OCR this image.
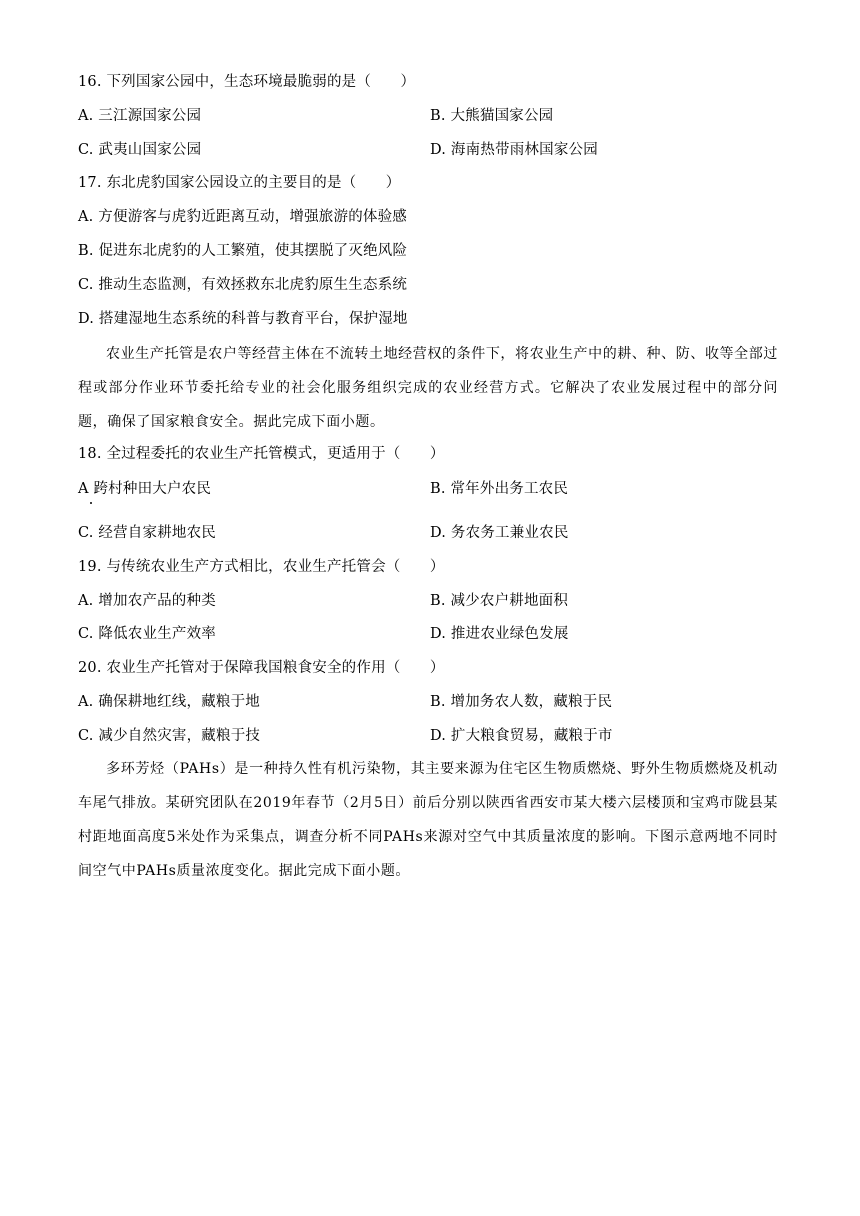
16. 下列国家公园中，生态环境最脆弱的是（　　）
A. 三江源国家公园	B. 大熊猫国家公园
C. 武夷山国家公园	D. 海南热带雨林国家公园
17. 东北虎豹国家公园设立的主要目的是（　　）
A. 方便游客与虎豹近距离互动，增强旅游的体验感
B. 促进东北虎豹的人工繁殖，使其摆脱了灭绝风险
C. 推动生态监测，有效拯救东北虎豹原生生态系统
D. 搭建湿地生态系统的科普与教育平台，保护湿地
农业生产托管是农户等经营主体在不流转土地经营权的条件下，将农业生产中的耕、种、防、收等全部过程或部分作业环节委托给专业的社会化服务组织完成的农业经营方式。它解决了农业发展过程中的部分问题，确保了国家粮食安全。据此完成下面小题。
18. 全过程委托的农业生产托管模式，更适用于（　　）
A 跨村种田大户农民	B. 常年外出务工农民
C. 经营自家耕地农民	D. 务农务工兼业农民
19. 与传统农业生产方式相比，农业生产托管会（　　）
A. 增加农产品的种类	B. 减少农户耕地面积
C. 降低农业生产效率	D. 推进农业绿色发展
20. 农业生产托管对于保障我国粮食安全的作用（　　）
A. 确保耕地红线，藏粮于地	B. 增加务农人数，藏粮于民
C. 减少自然灾害，藏粮于技	D. 扩大粮食贸易，藏粮于市
多环芳烃（PAHs）是一种持久性有机污染物，其主要来源为住宅区生物质燃烧、野外生物质燃烧及机动车尾气排放。某研究团队在2019年春节（2月5日）前后分别以陕西省西安市某大楼六层楼顶和宝鸡市陇县某村距地面高度5米处作为采集点，调查分析不同PAHs来源对空气中其质量浓度的影响。下图示意两地不同时间空气中PAHs质量浓度变化。据此完成下面小题。
